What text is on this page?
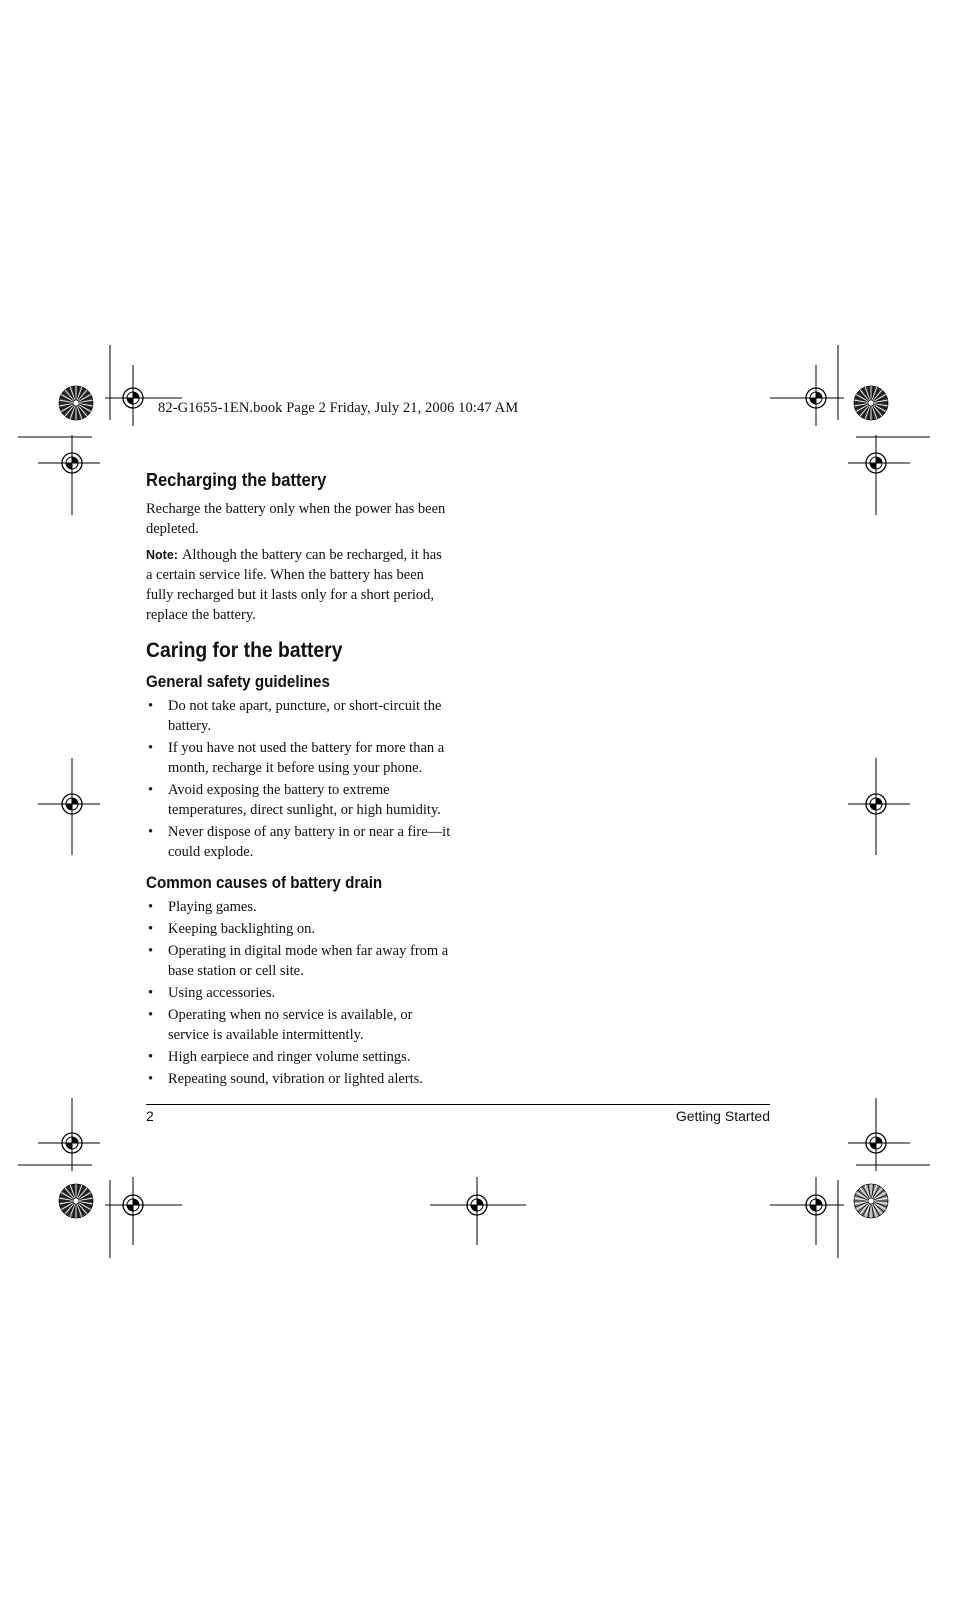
82-G1655-1EN.book Page 2 Friday, July 21, 2006 10:47 AM
Recharging the battery

Recharge the battery only when the power has been depleted.

Note: Although the battery can be recharged, it has a certain service life. When the battery has been fully recharged but it lasts only for a short period, replace the battery.

Caring for the battery
General safety guidelines
• Do not take apart, puncture, or short-circuit the battery.
• If you have not used the battery for more than a month, recharge it before using your phone.
• Avoid exposing the battery to extreme temperatures, direct sunlight, or high humidity.
• Never dispose of any battery in or near a fire—it could explode.
Common causes of battery drain
• Playing games.
• Keeping backlighting on.
• Operating in digital mode when far away from a base station or cell site.
• Using accessories.
• Operating when no service is available, or service is available intermittently.
• High earpiece and ringer volume settings.
• Repeating sound, vibration or lighted alerts.
2	Getting Started
